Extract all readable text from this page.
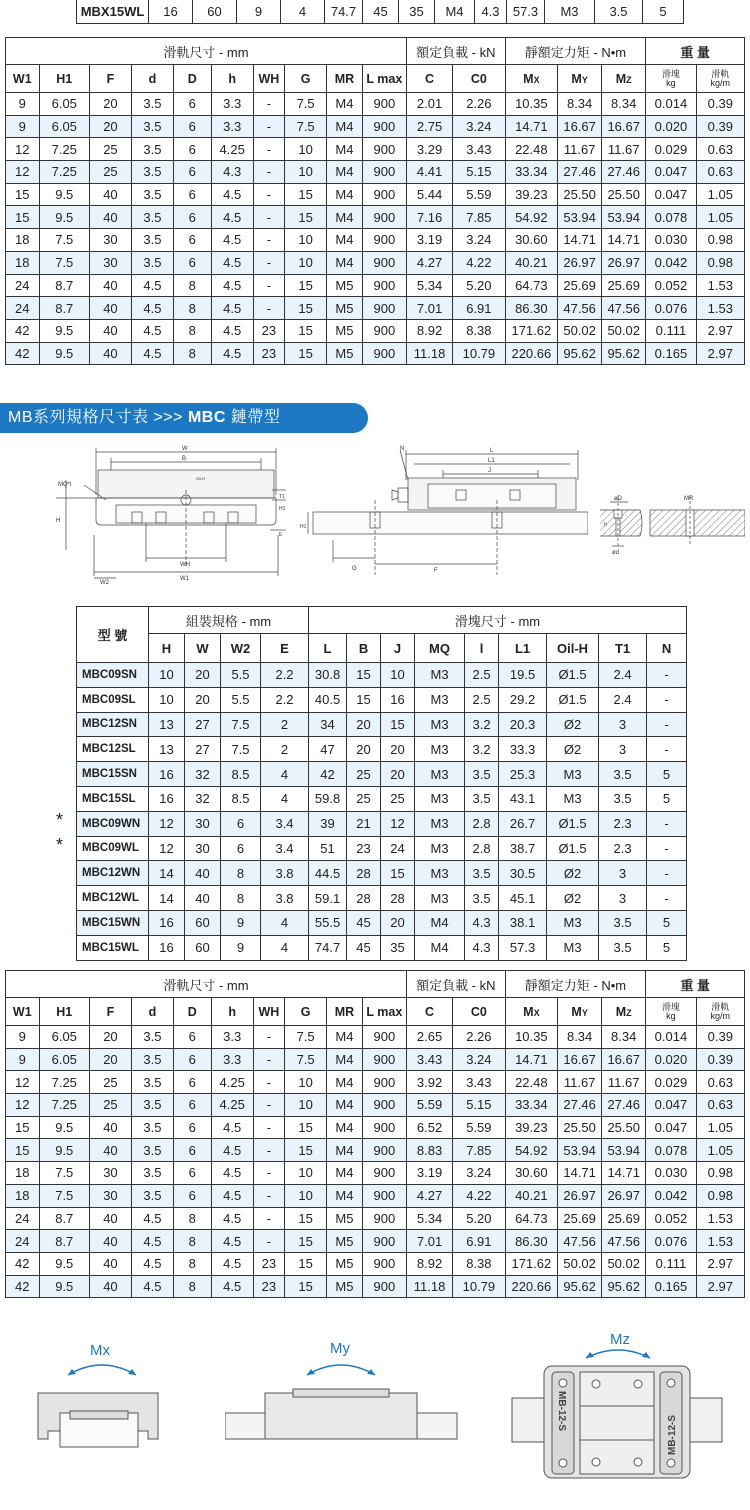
MBX15WL	16	60	9	4	74.7	45	35	M4	4.3	57.3	M3	3.5	5
滑軌尺寸 - mm										額定負載 - kN		靜額定力矩 - N•m			重 量	
W1	H1	F	d	D	h	WH	G	MR	L max	C	C0	MX	MY	MZ	滑塊
kg	滑軌
kg/m

9	6.05	20	3.5	6	3.3	-	7.5	M4	900	2.01	2.26	10.35	8.34	8.34	0.014	0.39
9	6.05	20	3.5	6	3.3	-	7.5	M4	900	2.75	3.24	14.71	16.67	16.67	0.020	0.39
12	7.25	25	3.5	6	4.25	-	10	M4	900	3.29	3.43	22.48	11.67	11.67	0.029	0.63
12	7.25	25	3.5	6	4.3	-	10	M4	900	4.41	5.15	33.34	27.46	27.46	0.047	0.63
15	9.5	40	3.5	6	4.5	-	15	M4	900	5.44	5.59	39.23	25.50	25.50	0.047	1.05
15	9.5	40	3.5	6	4.5	-	15	M4	900	7.16	7.85	54.92	53.94	53.94	0.078	1.05
18	7.5	30	3.5	6	4.5	-	10	M4	900	3.19	3.24	30.60	14.71	14.71	0.030	0.98
18	7.5	30	3.5	6	4.5	-	10	M4	900	4.27	4.22	40.21	26.97	26.97	0.042	0.98
24	8.7	40	4.5	8	4.5	-	15	M5	900	5.34	5.20	64.73	25.69	25.69	0.052	1.53
24	8.7	40	4.5	8	4.5	-	15	M5	900	7.01	6.91	86.30	47.56	47.56	0.076	1.53
42	9.5	40	4.5	8	4.5	23	15	M5	900	8.92	8.38	171.62	50.02	50.02	0.111	2.97
42	9.5	40	4.5	8	4.5	23	15	M5	900	11.18	10.79	220.66	95.62	95.62	0.165	2.97
MB系列規格尺寸表 >>> MBC 鏈帶型
W
B
MQ*l
Oil-H
T1
H
E
H1
WH
W2
W1
N	L
L1
J
H1
G	F
øD	MR
h
ød
型 號	組裝規格 - mm				滑塊尺寸 - mm								
	H	W	W2	E	L	B	J	MQ	l	L1	Oil-H	T1	N
MBC09SN	10	20	5.5	2.2	30.8	15	10	M3	2.5	19.5	Ø1.5	2.4	-
MBC09SL	10	20	5.5	2.2	40.5	15	16	M3	2.5	29.2	Ø1.5	2.4	-
MBC12SN	13	27	7.5	2	34	20	15	M3	3.2	20.3	Ø2	3	-
MBC12SL	13	27	7.5	2	47	20	20	M3	3.2	33.3	Ø2	3	-
MBC15SN	16	32	8.5	4	42	25	20	M3	3.5	25.3	M3	3.5	5
MBC15SL	16	32	8.5	4	59.8	25	25	M3	3.5	43.1	M3	3.5	5
MBC09WN	12	30	6	3.4	39	21	12	M3	2.8	26.7	Ø1.5	2.3	-
MBC09WL	12	30	6	3.4	51	23	24	M3	2.8	38.7	Ø1.5	2.3	-
MBC12WN	14	40	8	3.8	44.5	28	15	M3	3.5	30.5	Ø2	3	-
MBC12WL	14	40	8	3.8	59.1	28	28	M3	3.5	45.1	Ø2	3	-
MBC15WN	16	60	9	4	55.5	45	20	M4	4.3	38.1	M3	3.5	5
MBC15WL	16	60	9	4	74.7	45	35	M4	4.3	57.3	M3	3.5	5
*
*
滑軌尺寸 - mm										額定負載 - kN		靜額定力矩 - N•m			重 量	
W1	H1	F	d	D	h	WH	G	MR	L max	C	C0	MX	MY	MZ	滑塊
kg	滑軌
kg/m

9	6.05	20	3.5	6	3.3	-	7.5	M4	900	2.65	2.26	10.35	8.34	8.34	0.014	0.39
9	6.05	20	3.5	6	3.3	-	7.5	M4	900	3.43	3.24	14.71	16.67	16.67	0.020	0.39
12	7.25	25	3.5	6	4.25	-	10	M4	900	3.92	3.43	22.48	11.67	11.67	0.029	0.63
12	7.25	25	3.5	6	4.25	-	10	M4	900	5.59	5.15	33.34	27.46	27.46	0.047	0.63
15	9.5	40	3.5	6	4.5	-	15	M4	900	6.52	5.59	39.23	25.50	25.50	0.047	1.05
15	9.5	40	3.5	6	4.5	-	15	M4	900	8.83	7.85	54.92	53.94	53.94	0.078	1.05
18	7.5	30	3.5	6	4.5	-	10	M4	900	3.19	3.24	30.60	14.71	14.71	0.030	0.98
18	7.5	30	3.5	6	4.5	-	10	M4	900	4.27	4.22	40.21	26.97	26.97	0.042	0.98
24	8.7	40	4.5	8	4.5	-	15	M5	900	5.34	5.20	64.73	25.69	25.69	0.052	1.53
24	8.7	40	4.5	8	4.5	-	15	M5	900	7.01	6.91	86.30	47.56	47.56	0.076	1.53
42	9.5	40	4.5	8	4.5	23	15	M5	900	8.92	8.38	171.62	50.02	50.02	0.111	2.97
42	9.5	40	4.5	8	4.5	23	15	M5	900	11.18	10.79	220.66	95.62	95.62	0.165	2.97
Mx	My
Mz
MB-12-S
MB-12-S
